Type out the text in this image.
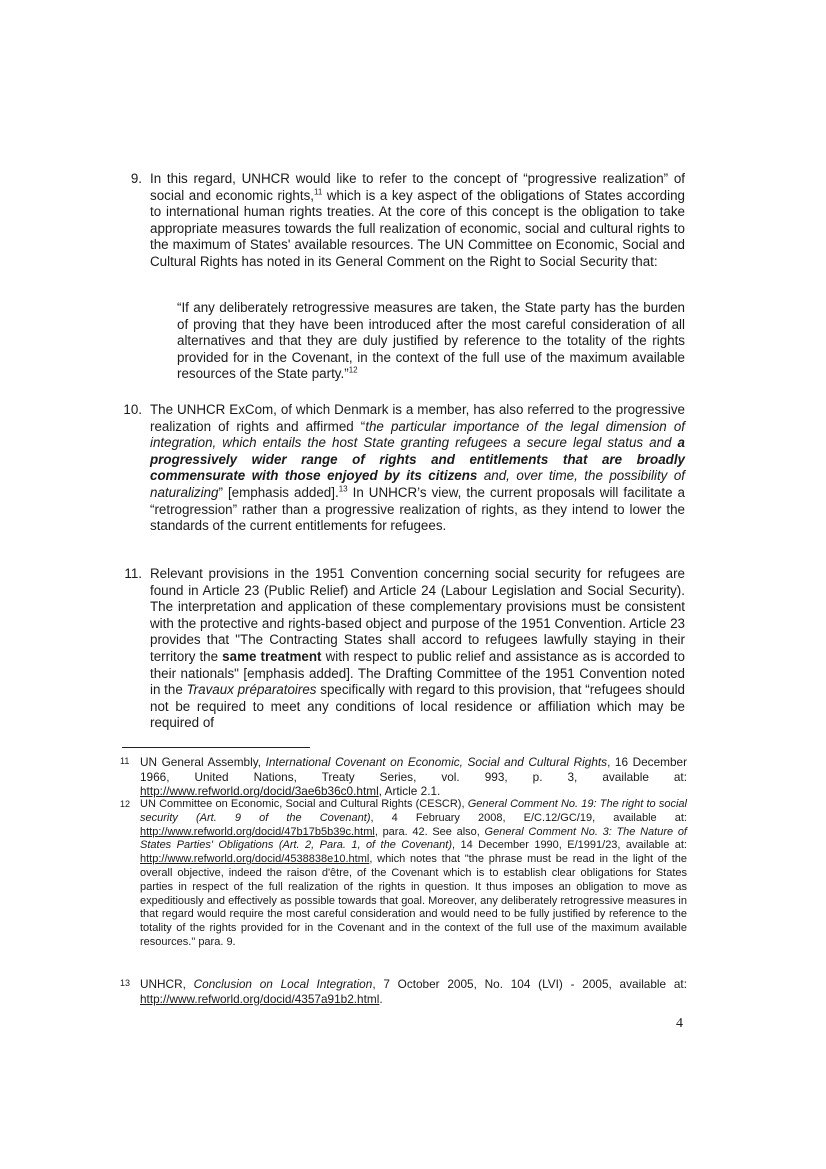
9. In this regard, UNHCR would like to refer to the concept of “progressive realization” of social and economic rights,$^{11}$ which is a key aspect of the obligations of States according to international human rights treaties. At the core of this concept is the obligation to take appropriate measures towards the full realization of economic, social and cultural rights to the maximum of States' available resources. The UN Committee on Economic, Social and Cultural Rights has noted in its General Comment on the Right to Social Security that:
“If any deliberately retrogressive measures are taken, the State party has the burden of proving that they have been introduced after the most careful consideration of all alternatives and that they are duly justified by reference to the totality of the rights provided for in the Covenant, in the context of the full use of the maximum available resources of the State party.”$^{12}$
10. The UNHCR ExCom, of which Denmark is a member, has also referred to the progressive realization of rights and affirmed “the particular importance of the legal dimension of integration, which entails the host State granting refugees a secure legal status and a progressively wider range of rights and entitlements that are broadly commensurate with those enjoyed by its citizens and, over time, the possibility of naturalizing” [emphasis added].$^{13}$ In UNHCR’s view, the current proposals will facilitate a “retrogression” rather than a progressive realization of rights, as they intend to lower the standards of the current entitlements for refugees.
11. Relevant provisions in the 1951 Convention concerning social security for refugees are found in Article 23 (Public Relief) and Article 24 (Labour Legislation and Social Security). The interpretation and application of these complementary provisions must be consistent with the protective and rights-based object and purpose of the 1951 Convention. Article 23 provides that "The Contracting States shall accord to refugees lawfully staying in their territory the same treatment with respect to public relief and assistance as is accorded to their nationals" [emphasis added]. The Drafting Committee of the 1951 Convention noted in the Travaux préparatoires specifically with regard to this provision, that “refugees should not be required to meet any conditions of local residence or affiliation which may be required of
11 UN General Assembly, International Covenant on Economic, Social and Cultural Rights, 16 December 1966, United Nations, Treaty Series, vol. 993, p. 3, available at: http://www.refworld.org/docid/3ae6b36c0.html, Article 2.1.
12 UN Committee on Economic, Social and Cultural Rights (CESCR), General Comment No. 19: The right to social security (Art. 9 of the Covenant), 4 February 2008, E/C.12/GC/19, available at: http://www.refworld.org/docid/47b17b5b39c.html, para. 42. See also, General Comment No. 3: The Nature of States Parties' Obligations (Art. 2, Para. 1, of the Covenant), 14 December 1990, E/1991/23, available at: http://www.refworld.org/docid/4538838e10.html, which notes that "the phrase must be read in the light of the overall objective, indeed the raison d'être, of the Covenant which is to establish clear obligations for States parties in respect of the full realization of the rights in question. It thus imposes an obligation to move as expeditiously and effectively as possible towards that goal. Moreover, any deliberately retrogressive measures in that regard would require the most careful consideration and would need to be fully justified by reference to the totality of the rights provided for in the Covenant and in the context of the full use of the maximum available resources." para. 9.
13 UNHCR, Conclusion on Local Integration, 7 October 2005, No. 104 (LVI) - 2005, available at: http://www.refworld.org/docid/4357a91b2.html.
4
